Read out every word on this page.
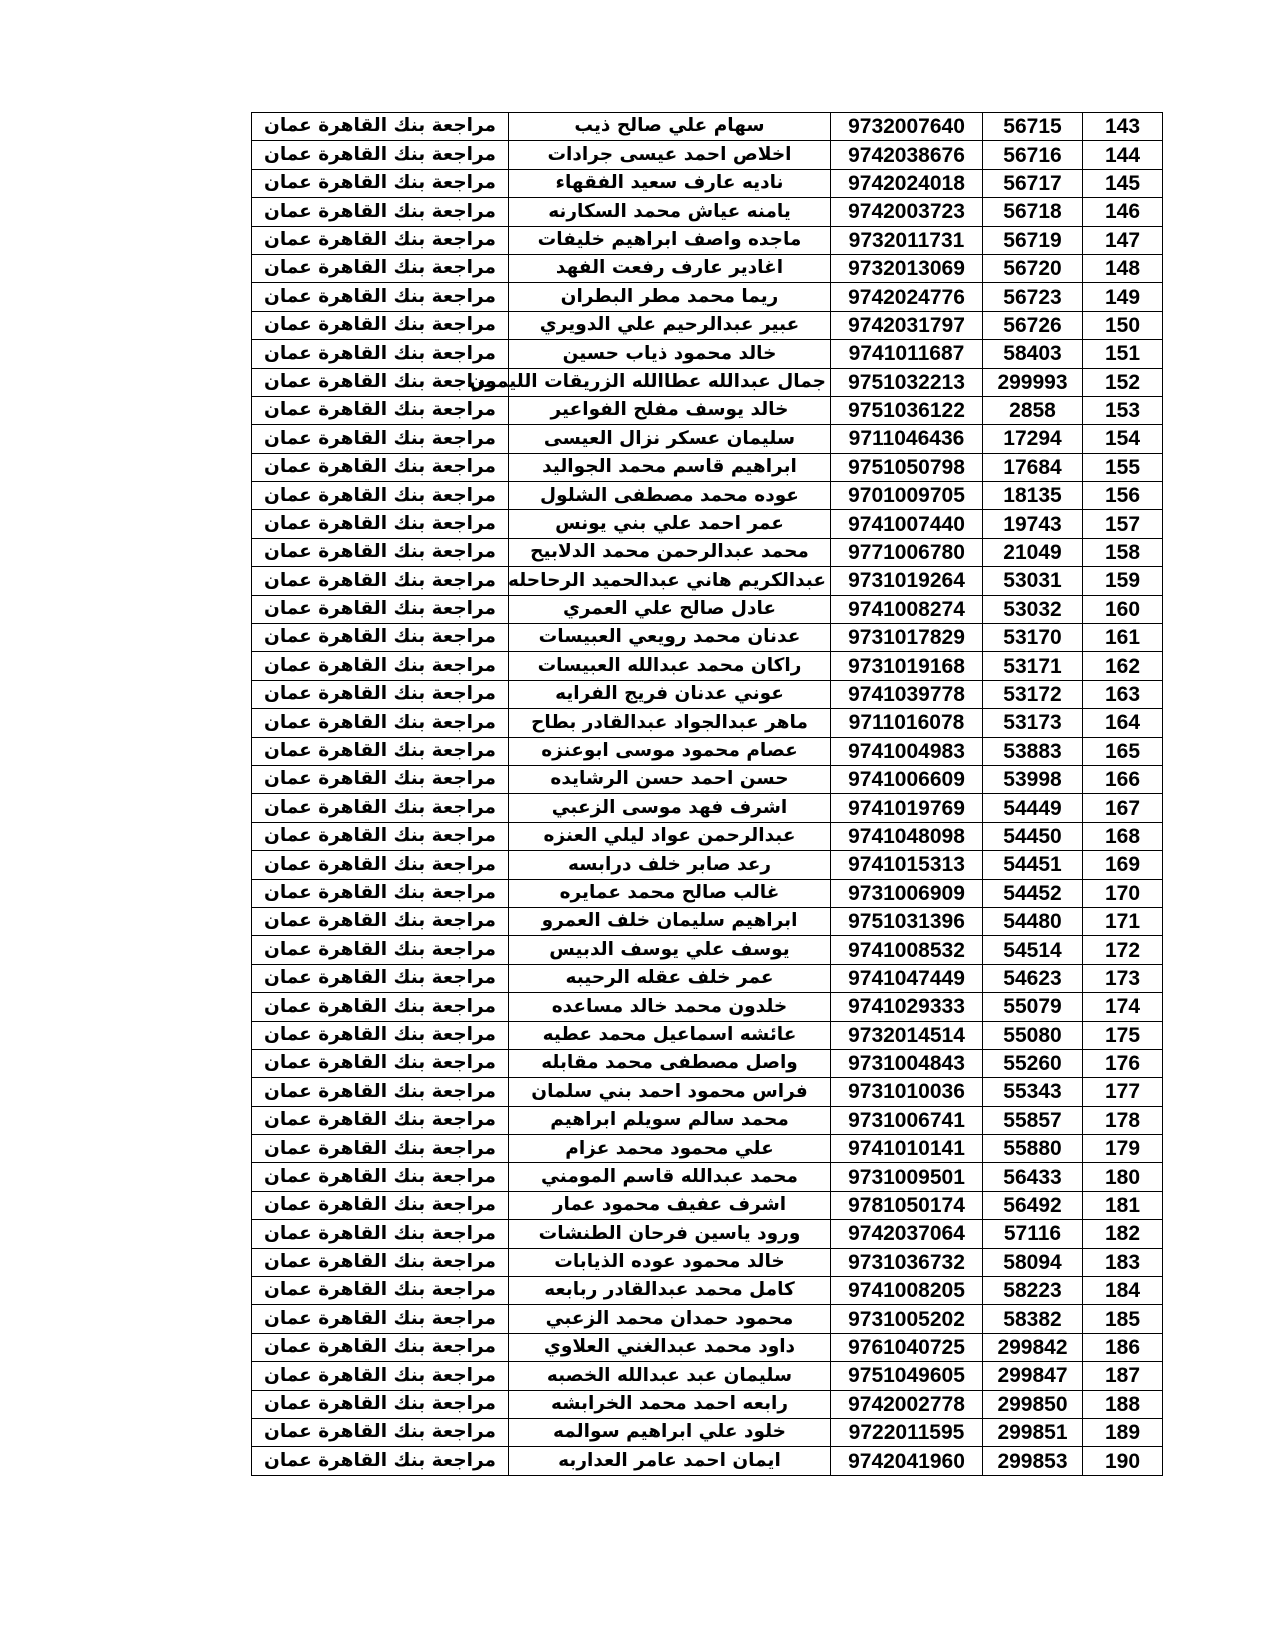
143	56715	9732007640	سهام علي صالح ذيب	مراجعة بنك القاهرة عمان
144	56716	9742038676	اخلاص احمد عيسى جرادات	مراجعة بنك القاهرة عمان
145	56717	9742024018	ناديه عارف سعيد الفقهاء	مراجعة بنك القاهرة عمان
146	56718	9742003723	يامنه عياش محمد السكارنه	مراجعة بنك القاهرة عمان
147	56719	9732011731	ماجده واصف ابراهيم خليفات	مراجعة بنك القاهرة عمان
148	56720	9732013069	اغادير عارف رفعت الفهد	مراجعة بنك القاهرة عمان
149	56723	9742024776	ريما محمد مطر البطران	مراجعة بنك القاهرة عمان
150	56726	9742031797	عبير عبدالرحيم علي الدويري	مراجعة بنك القاهرة عمان
151	58403	9741011687	خالد محمود ذياب حسين	مراجعة بنك القاهرة عمان
152	299993	9751032213	جمال عبدالله عطاالله الزريقات الليمون	مراجعة بنك القاهرة عمان
153	2858	9751036122	خالد يوسف مفلح الفواعير	مراجعة بنك القاهرة عمان
154	17294	9711046436	سليمان عسكر نزال العيسى	مراجعة بنك القاهرة عمان
155	17684	9751050798	ابراهيم قاسم محمد الجواليد	مراجعة بنك القاهرة عمان
156	18135	9701009705	عوده محمد مصطفى الشلول	مراجعة بنك القاهرة عمان
157	19743	9741007440	عمر احمد علي بني يونس	مراجعة بنك القاهرة عمان
158	21049	9771006780	محمد عبدالرحمن محمد الدلابيح	مراجعة بنك القاهرة عمان
159	53031	9731019264	عبدالكريم هاني عبدالحميد الرحاحله	مراجعة بنك القاهرة عمان
160	53032	9741008274	عادل صالح علي العمري	مراجعة بنك القاهرة عمان
161	53170	9731017829	عدنان محمد رويعي العبيسات	مراجعة بنك القاهرة عمان
162	53171	9731019168	راكان محمد عبدالله العبيسات	مراجعة بنك القاهرة عمان
163	53172	9741039778	عوني عدنان فريج الفرايه	مراجعة بنك القاهرة عمان
164	53173	9711016078	ماهر عبدالجواد عبدالقادر بطاح	مراجعة بنك القاهرة عمان
165	53883	9741004983	عصام محمود موسى ابوعنزه	مراجعة بنك القاهرة عمان
166	53998	9741006609	حسن احمد حسن الرشايده	مراجعة بنك القاهرة عمان
167	54449	9741019769	اشرف فهد موسى الزعبي	مراجعة بنك القاهرة عمان
168	54450	9741048098	عبدالرحمن عواد ليلي العنزه	مراجعة بنك القاهرة عمان
169	54451	9741015313	رعد صابر خلف درابسه	مراجعة بنك القاهرة عمان
170	54452	9731006909	غالب صالح محمد عمايره	مراجعة بنك القاهرة عمان
171	54480	9751031396	ابراهيم سليمان خلف العمرو	مراجعة بنك القاهرة عمان
172	54514	9741008532	يوسف علي يوسف الدبيس	مراجعة بنك القاهرة عمان
173	54623	9741047449	عمر خلف عقله الرحيبه	مراجعة بنك القاهرة عمان
174	55079	9741029333	خلدون محمد خالد مساعده	مراجعة بنك القاهرة عمان
175	55080	9732014514	عائشه اسماعيل محمد عطيه	مراجعة بنك القاهرة عمان
176	55260	9731004843	واصل مصطفى محمد مقابله	مراجعة بنك القاهرة عمان
177	55343	9731010036	فراس محمود احمد بني سلمان	مراجعة بنك القاهرة عمان
178	55857	9731006741	محمد سالم سويلم ابراهيم	مراجعة بنك القاهرة عمان
179	55880	9741010141	علي محمود محمد عزام	مراجعة بنك القاهرة عمان
180	56433	9731009501	محمد عبدالله قاسم المومني	مراجعة بنك القاهرة عمان
181	56492	9781050174	اشرف عفيف محمود عمار	مراجعة بنك القاهرة عمان
182	57116	9742037064	ورود ياسين فرحان الطنشات	مراجعة بنك القاهرة عمان
183	58094	9731036732	خالد محمود عوده الذيابات	مراجعة بنك القاهرة عمان
184	58223	9741008205	كامل محمد عبدالقادر ربابعه	مراجعة بنك القاهرة عمان
185	58382	9731005202	محمود حمدان محمد الزعبي	مراجعة بنك القاهرة عمان
186	299842	9761040725	داود محمد عبدالغني العلاوي	مراجعة بنك القاهرة عمان
187	299847	9751049605	سليمان عبد عبدالله الخصبه	مراجعة بنك القاهرة عمان
188	299850	9742002778	رابعه احمد محمد الخرابشه	مراجعة بنك القاهرة عمان
189	299851	9722011595	خلود علي ابراهيم سوالمه	مراجعة بنك القاهرة عمان
190	299853	9742041960	ايمان احمد عامر العداربه	مراجعة بنك القاهرة عمان
